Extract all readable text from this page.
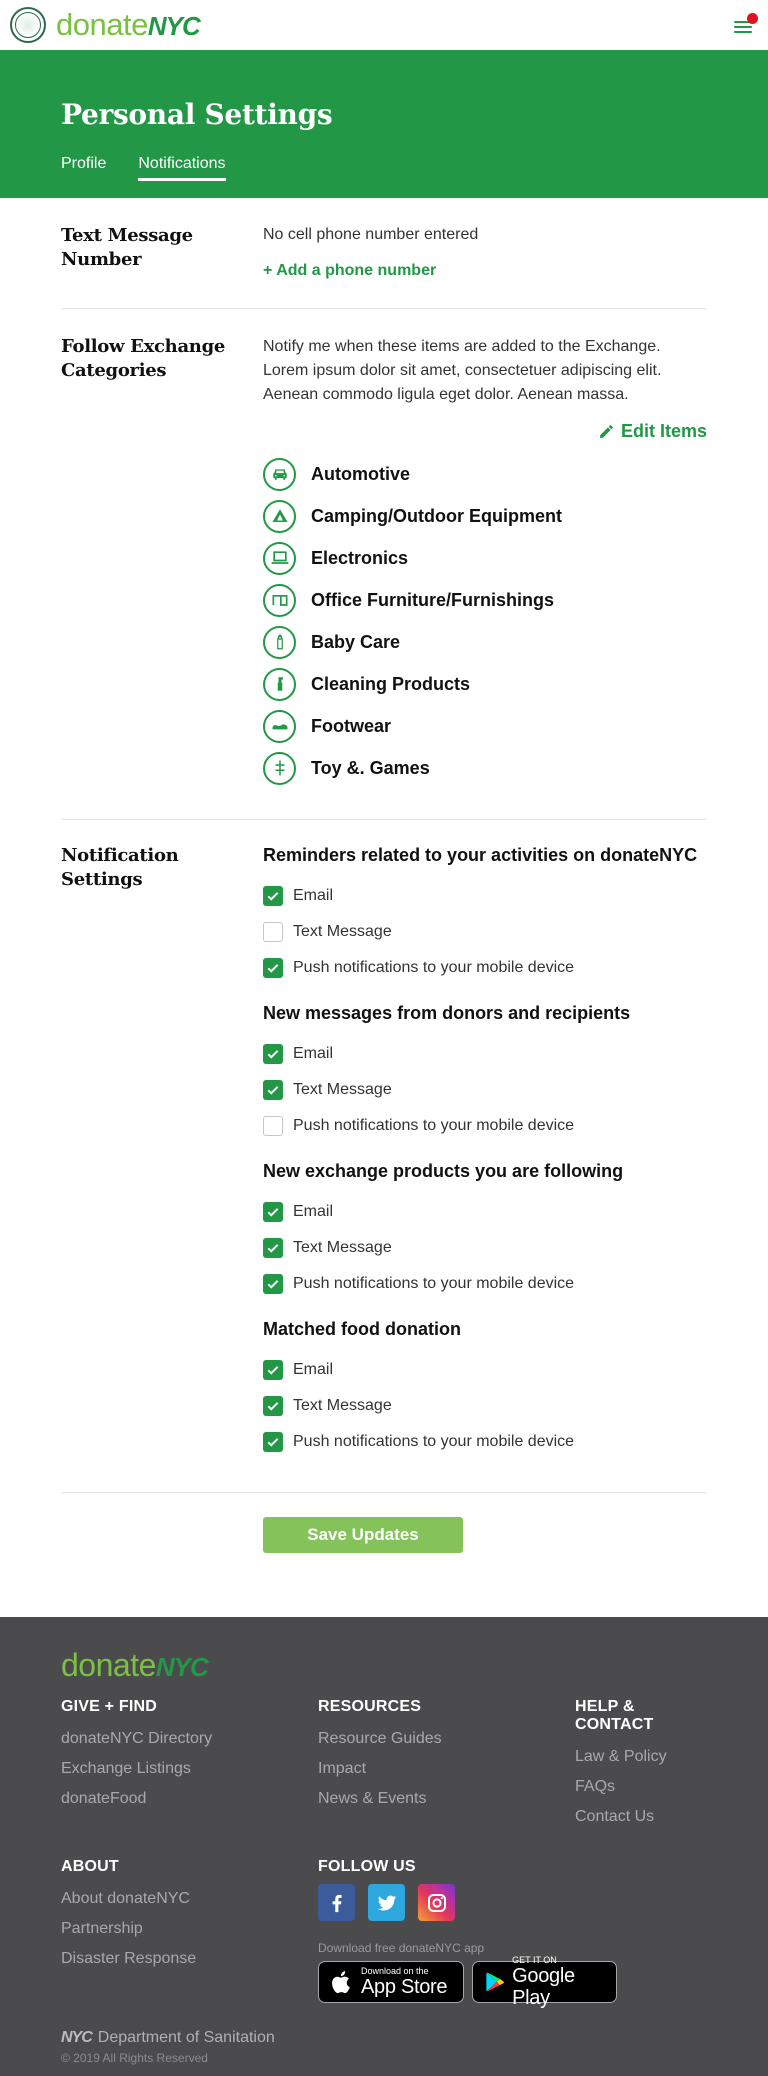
donateNYC
Personal Settings
Profile Notifications
Text Message Number
No cell phone number entered
+ Add a phone number
Follow Exchange Categories

Notify me when these items are added to the Exchange. Lorem ipsum dolor sit amet, consectetuer adipiscing elit. Aenean commodo ligula eget dolor. Aenean massa.

Edit Items
Automotive
Camping/Outdoor Equipment
Electronics
Office Furniture/Furnishings
Baby Care
Cleaning Products
Footwear
Toy &. Games
Notification Settings
Reminders related to your activities on donateNYC
Email
Text Message
Push notifications to your mobile device
New messages from donors and recipients
Email
Text Message
Push notifications to your mobile device
New exchange products you are following
Email
Text Message
Push notifications to your mobile device
Matched food donation
Email
Text Message
Push notifications to your mobile device
Save Updates
donateNYC
GIVE + FIND
donateNYC Directory
Exchange Listings
donateFood
RESOURCES
Resource Guides
Impact
News & Events
HELP & CONTACT
Law & Policy
FAQs
Contact Us
ABOUT
About donateNYC
Partnership
Disaster Response
FOLLOW US
Download free donateNYC app
Download on the
App Store
GET IT ON
Google Play
NYC Department of Sanitation
© 2019 All Rights Reserved
